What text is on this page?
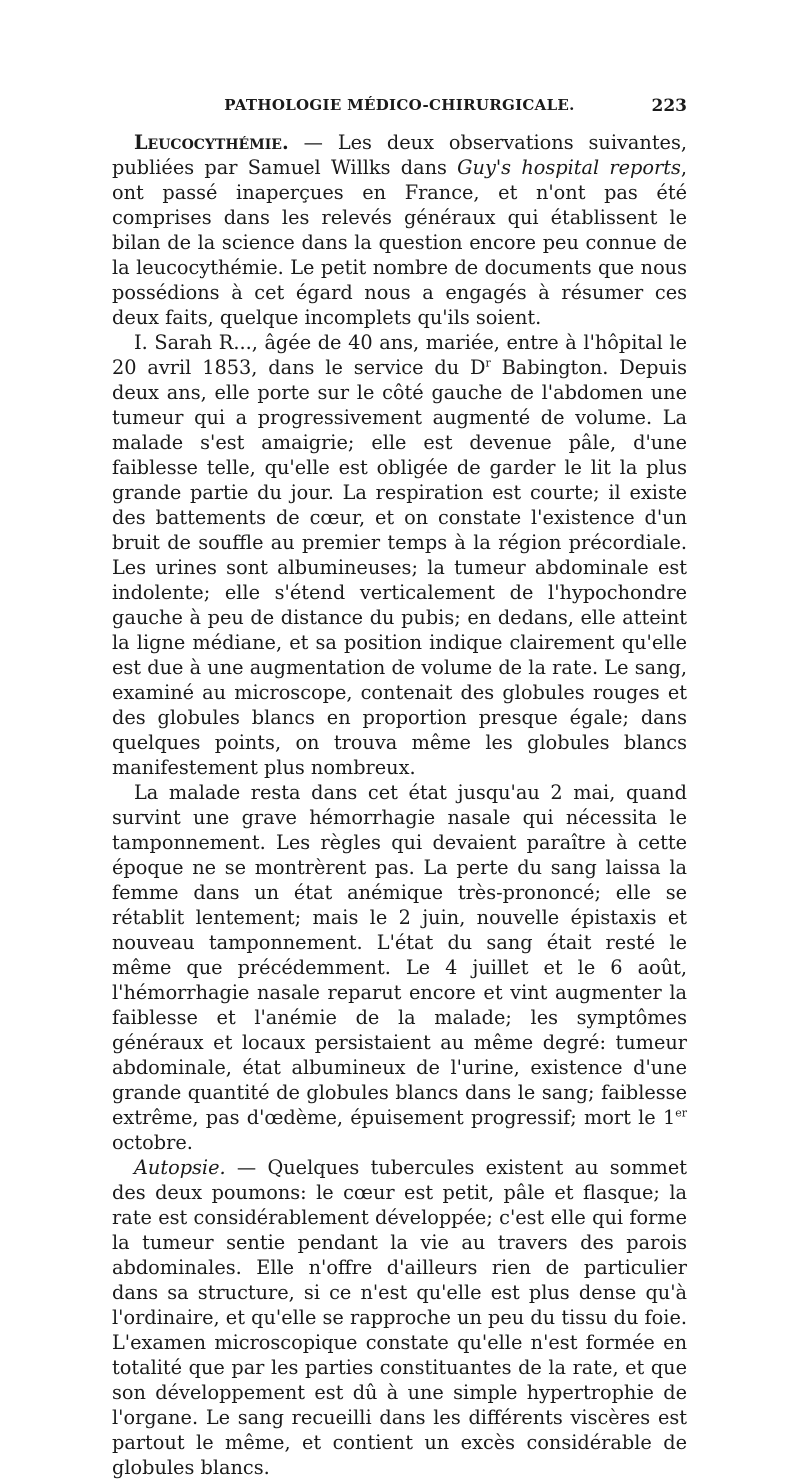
PATHOLOGIE MÉDICO-CHIRURGICALE.	223

Leucocythémie. — Les deux observations suivantes, publiées par Samuel Willks dans Guy's hospital reports, ont passé inaperçues en France, et n'ont pas été comprises dans les relevés généraux qui établissent le bilan de la science dans la question encore peu connue de la leucocythémie. Le petit nombre de documents que nous possédions à cet égard nous a engagés à résumer ces deux faits, quelque incomplets qu'ils soient.

I. Sarah R..., âgée de 40 ans, mariée, entre à l'hôpital le 20 avril 1853, dans le service du $D^r$ Babington. Depuis deux ans, elle porte sur le côté gauche de l'abdomen une tumeur qui a progressivement augmenté de volume. La malade s'est amaigrie; elle est devenue pâle, d'une faiblesse telle, qu'elle est obligée de garder le lit la plus grande partie du jour. La respiration est courte; il existe des battements de cœur, et on constate l'existence d'un bruit de souffle au premier temps à la région précordiale. Les urines sont albumineuses; la tumeur abdominale est indolente; elle s'étend verticalement de l'hypochondre gauche à peu de distance du pubis; en dedans, elle atteint la ligne médiane, et sa position indique clairement qu'elle est due à une augmentation de volume de la rate. Le sang, examiné au microscope, contenait des globules rouges et des globules blancs en proportion presque égale; dans quelques points, on trouva même les globules blancs manifestement plus nombreux.

La malade resta dans cet état jusqu'au 2 mai, quand survint une grave hémorrhagie nasale qui nécessita le tamponnement. Les règles qui devaient paraître à cette époque ne se montrèrent pas. La perte du sang laissa la femme dans un état anémique très-prononcé; elle se rétablit lentement; mais le 2 juin, nouvelle épistaxis et nouveau tamponnement. L'état du sang était resté le même que précédemment. Le 4 juillet et le 6 août, l'hémorrhagie nasale reparut encore et vint augmenter la faiblesse et l'anémie de la malade; les symptômes généraux et locaux persistaient au même degré: tumeur abdominale, état albumineux de l'urine, existence d'une grande quantité de globules blancs dans le sang; faiblesse extrême, pas d'œdème, épuisement progressif; mort le 1er octobre.

Autopsie. — Quelques tubercules existent au sommet des deux poumons: le cœur est petit, pâle et flasque; la rate est considérablement développée; c'est elle qui forme la tumeur sentie pendant la vie au travers des parois abdominales. Elle n'offre d'ailleurs rien de particulier dans sa structure, si ce n'est qu'elle est plus dense qu'à l'ordinaire, et qu'elle se rapproche un peu du tissu du foie. L'examen microscopique constate qu'elle n'est formée en totalité que par les parties constituantes de la rate, et que son développement est dû à une simple hypertrophie de l'organe. Le sang recueilli dans les différents viscères est partout le même, et contient un excès considérable de globules blancs.
